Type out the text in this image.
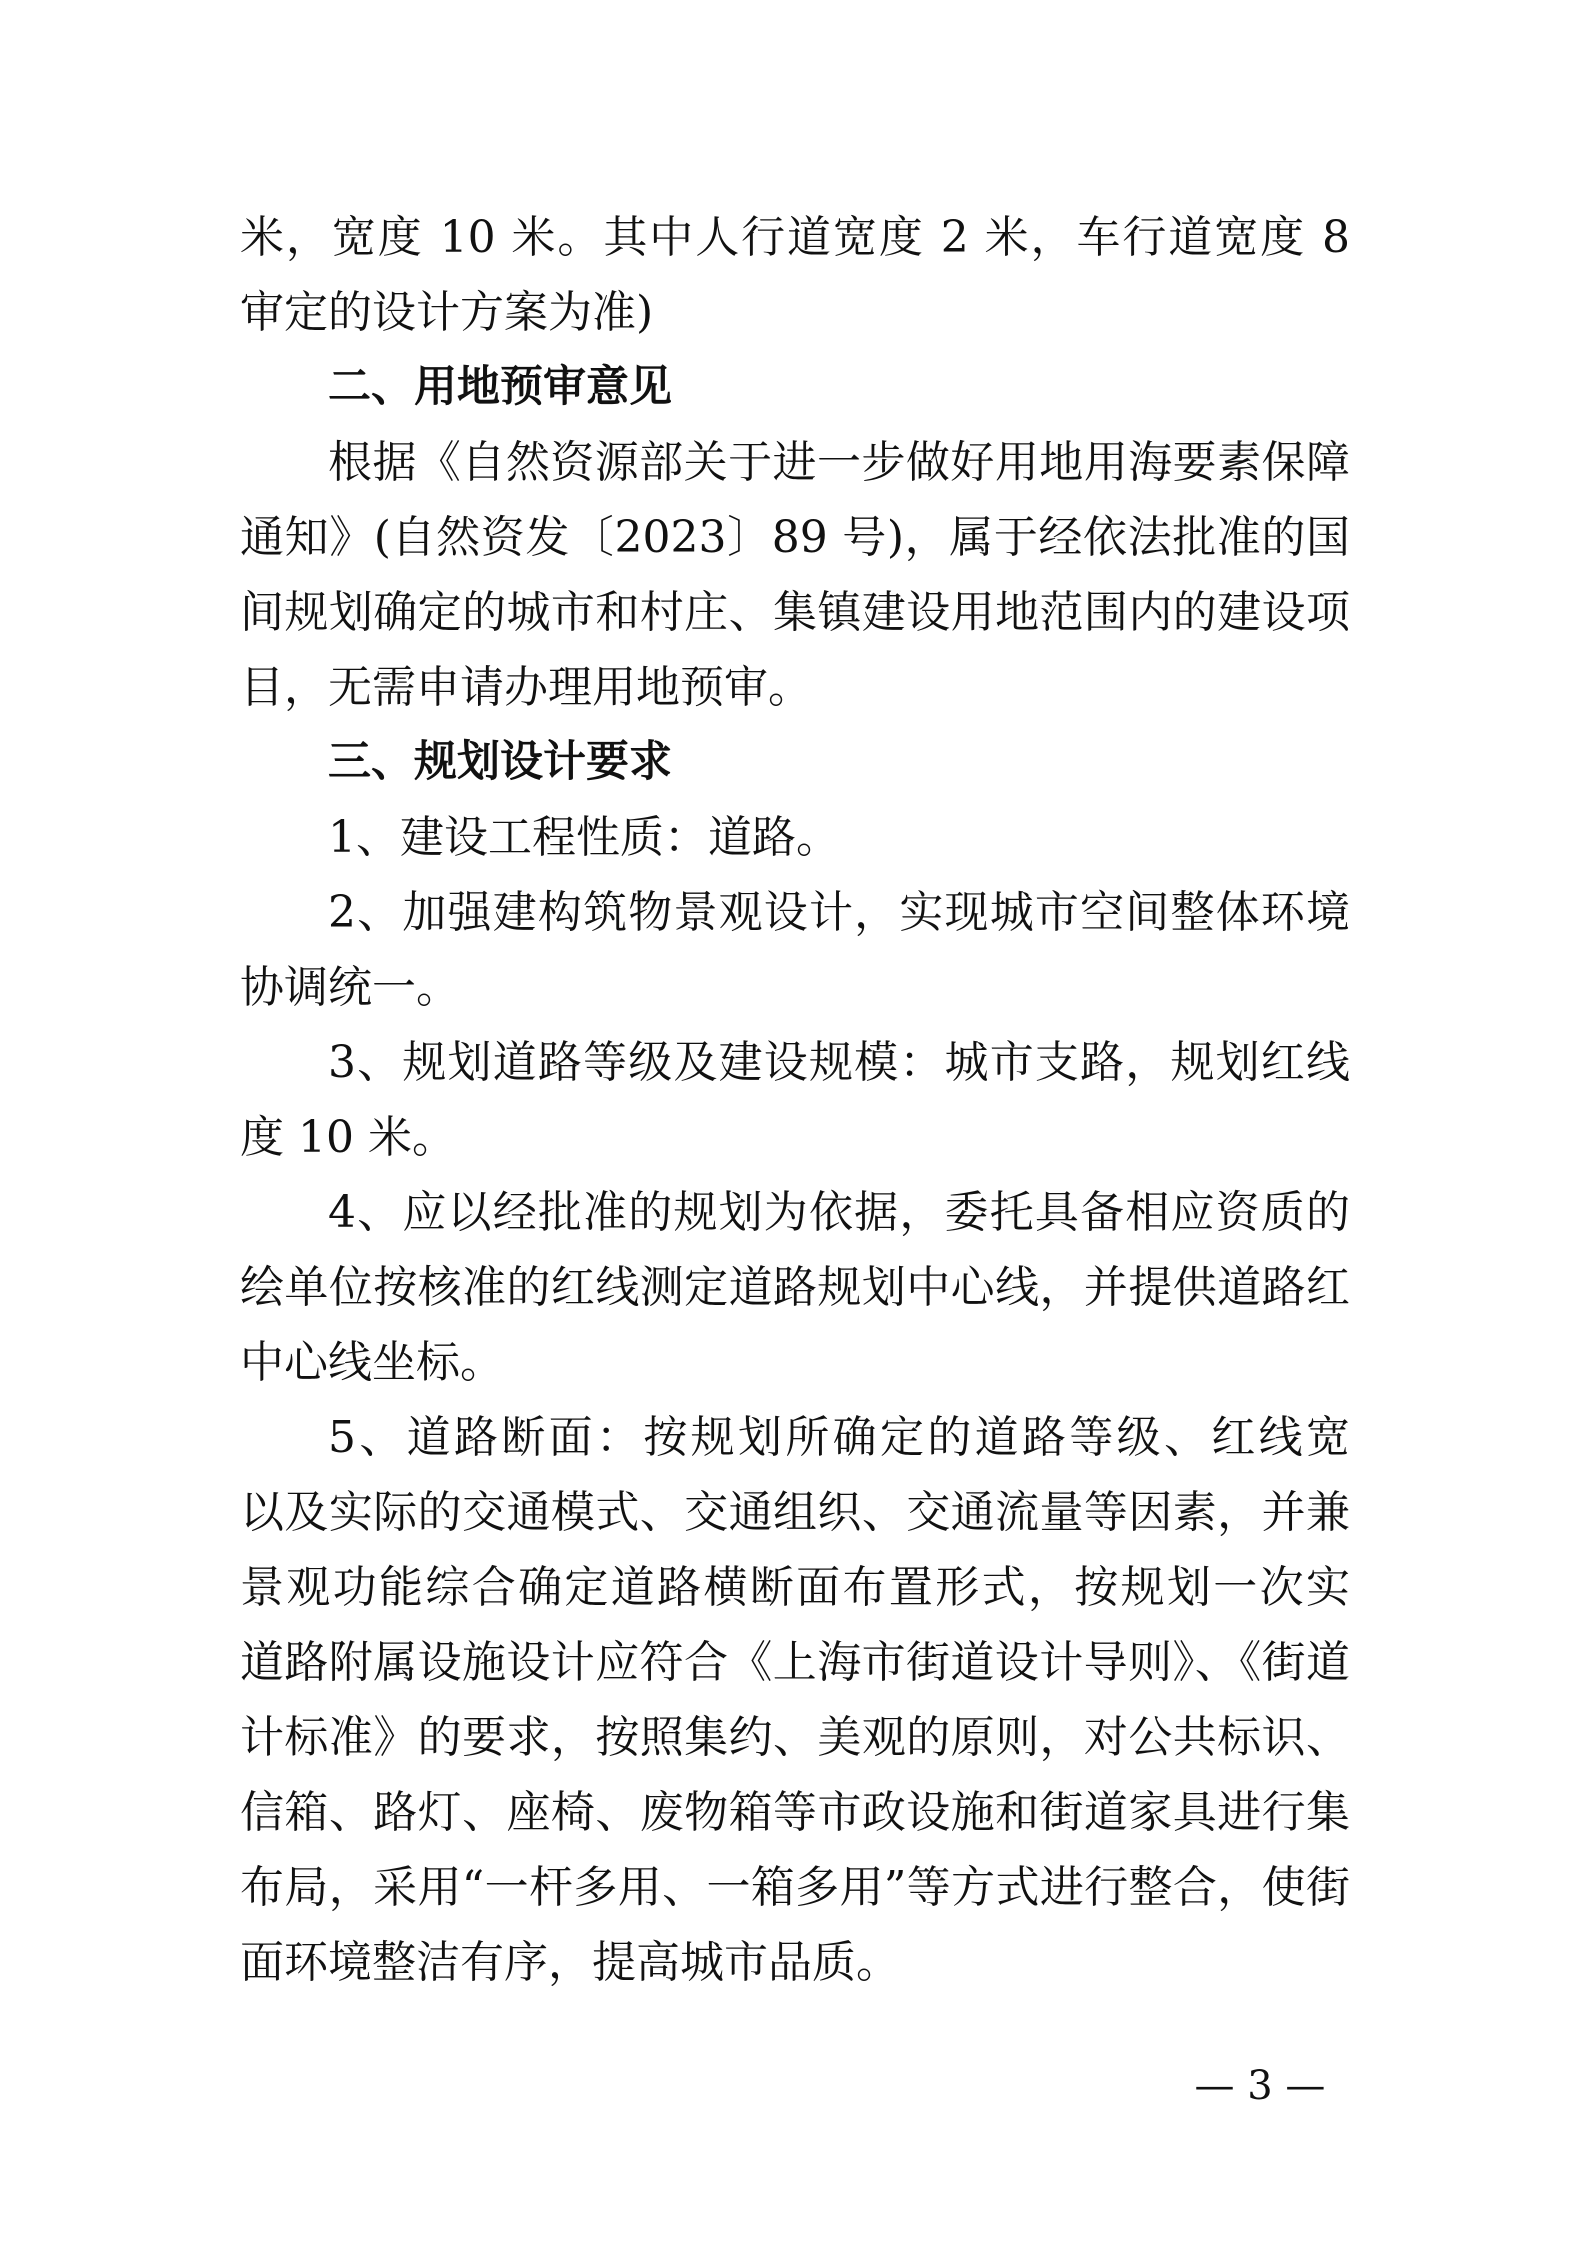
米，宽度 10 米。其中人行道宽度 2 米，车行道宽度 8
审定的设计方案为准)
二、用地预审意见
根据《自然资源部关于进一步做好用地用海要素保障
通知》(自然资发〔2023〕89 号)，属于经依法批准的国
间规划确定的城市和村庄、集镇建设用地范围内的建设项
目，无需申请办理用地预审。
三、规划设计要求
1、建设工程性质：道路。
2、加强建构筑物景观设计，实现城市空间整体环境
协调统一。
3、规划道路等级及建设规模：城市支路，规划红线
度 10 米。
4、应以经批准的规划为依据，委托具备相应资质的
绘单位按核准的红线测定道路规划中心线，并提供道路红
中心线坐标。
5、道路断面：按规划所确定的道路等级、红线宽
以及实际的交通模式、交通组织、交通流量等因素，并兼
景观功能综合确定道路横断面布置形式，按规划一次实
道路附属设施设计应符合《上海市街道设计导则》、《街道
计标准》的要求，按照集约、美观的原则，对公共标识、
信箱、路灯、座椅、废物箱等市政设施和街道家具进行集
布局，采用“一杆多用、一箱多用”等方式进行整合，使街
面环境整洁有序，提高城市品质。
— 3 —
